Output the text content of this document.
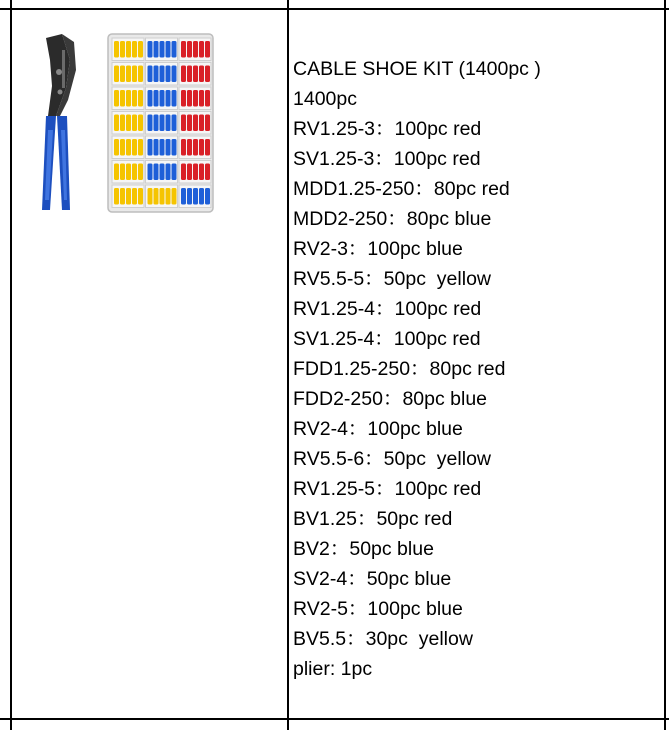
CABLE SHOE KIT (1400pc )
1400pc
RV1.25-3：100pc red
SV1.25-3：100pc red
MDD1.25-250：80pc red
MDD2-250：80pc blue
RV2-3：100pc blue
RV5.5-5：50pc  yellow
RV1.25-4：100pc red
SV1.25-4：100pc red
FDD1.25-250：80pc red
FDD2-250：80pc blue
RV2-4：100pc blue
RV5.5-6：50pc  yellow
RV1.25-5：100pc red
BV1.25：50pc red
BV2：50pc blue
SV2-4：50pc blue
RV2-5：100pc blue
BV5.5：30pc  yellow
plier: 1pc
